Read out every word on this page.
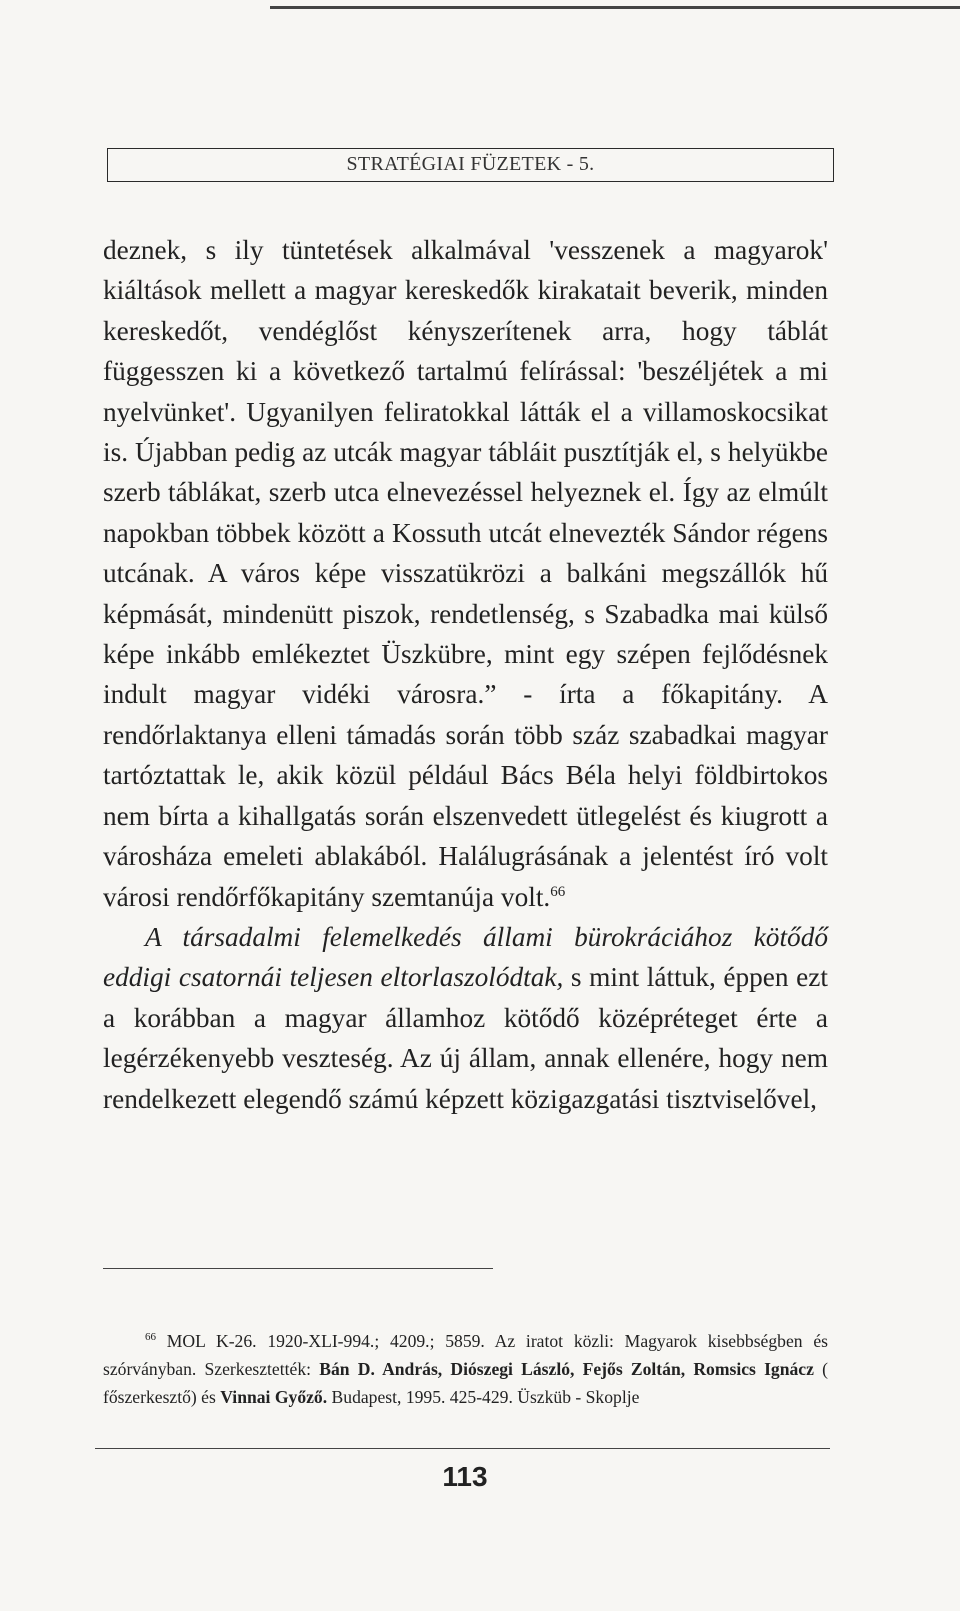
STRATÉGIAI FÜZETEK - 5.

deznek, s ily tüntetések alkalmával 'vesszenek a magyarok' kiáltások mellett a magyar kereskedők kirakatait beverik, minden kereskedőt, vendéglőst kényszerítenek arra, hogy táblát függesszen ki a következő tartalmú felírással: 'beszéljétek a mi nyelvünket'. Ugyanilyen feliratokkal látták el a villamoskocsikat is. Újabban pedig az utcák magyar tábláit pusztítják el, s helyükbe szerb táblákat, szerb utca elnevezéssel helyeznek el. Így az elmúlt napokban többek között a Kossuth utcát elnevezték Sándor régens utcának. A város képe visszatükrözi a balkáni megszállók hű képmását, mindenütt piszok, rendetlenség, s Szabadka mai külső képe inkább emlékeztet Üszkübre, mint egy szépen fejlődésnek indult magyar vidéki városra.” - írta a főkapitány. A rendőrlaktanya elleni támadás során több száz szabadkai magyar tartóztattak le, akik közül például Bács Béla helyi földbirtokos nem bírta a kihallgatás során elszenvedett ütlegelést és kiugrott a városháza emeleti ablakából. Halálugrásának a jelentést író volt városi rendőrfőkapitány szemtanúja volt.$^{66}$
A társadalmi felemelkedés állami bürokráciához kötődő eddigi csatornái teljesen eltorlaszolódtak, s mint láttuk, éppen ezt a korábban a magyar államhoz kötődő középréteget érte a legérzékenyebb veszteség. Az új állam, annak ellenére, hogy nem rendelkezett elegendő számú képzett közigazgatási tisztviselővel,

$^{66}$ MOL K-26. 1920-XLI-994.; 4209.; 5859. Az iratot közli: Magyarok kisebbségben és szórványban. Szerkesztették: Bán D. András, Diószegi László, Fejős Zoltán, Romsics Ignácz ( főszerkesztő) és Vinnai Győző. Budapest, 1995. 425-429. Üszküb - Skoplje

113
